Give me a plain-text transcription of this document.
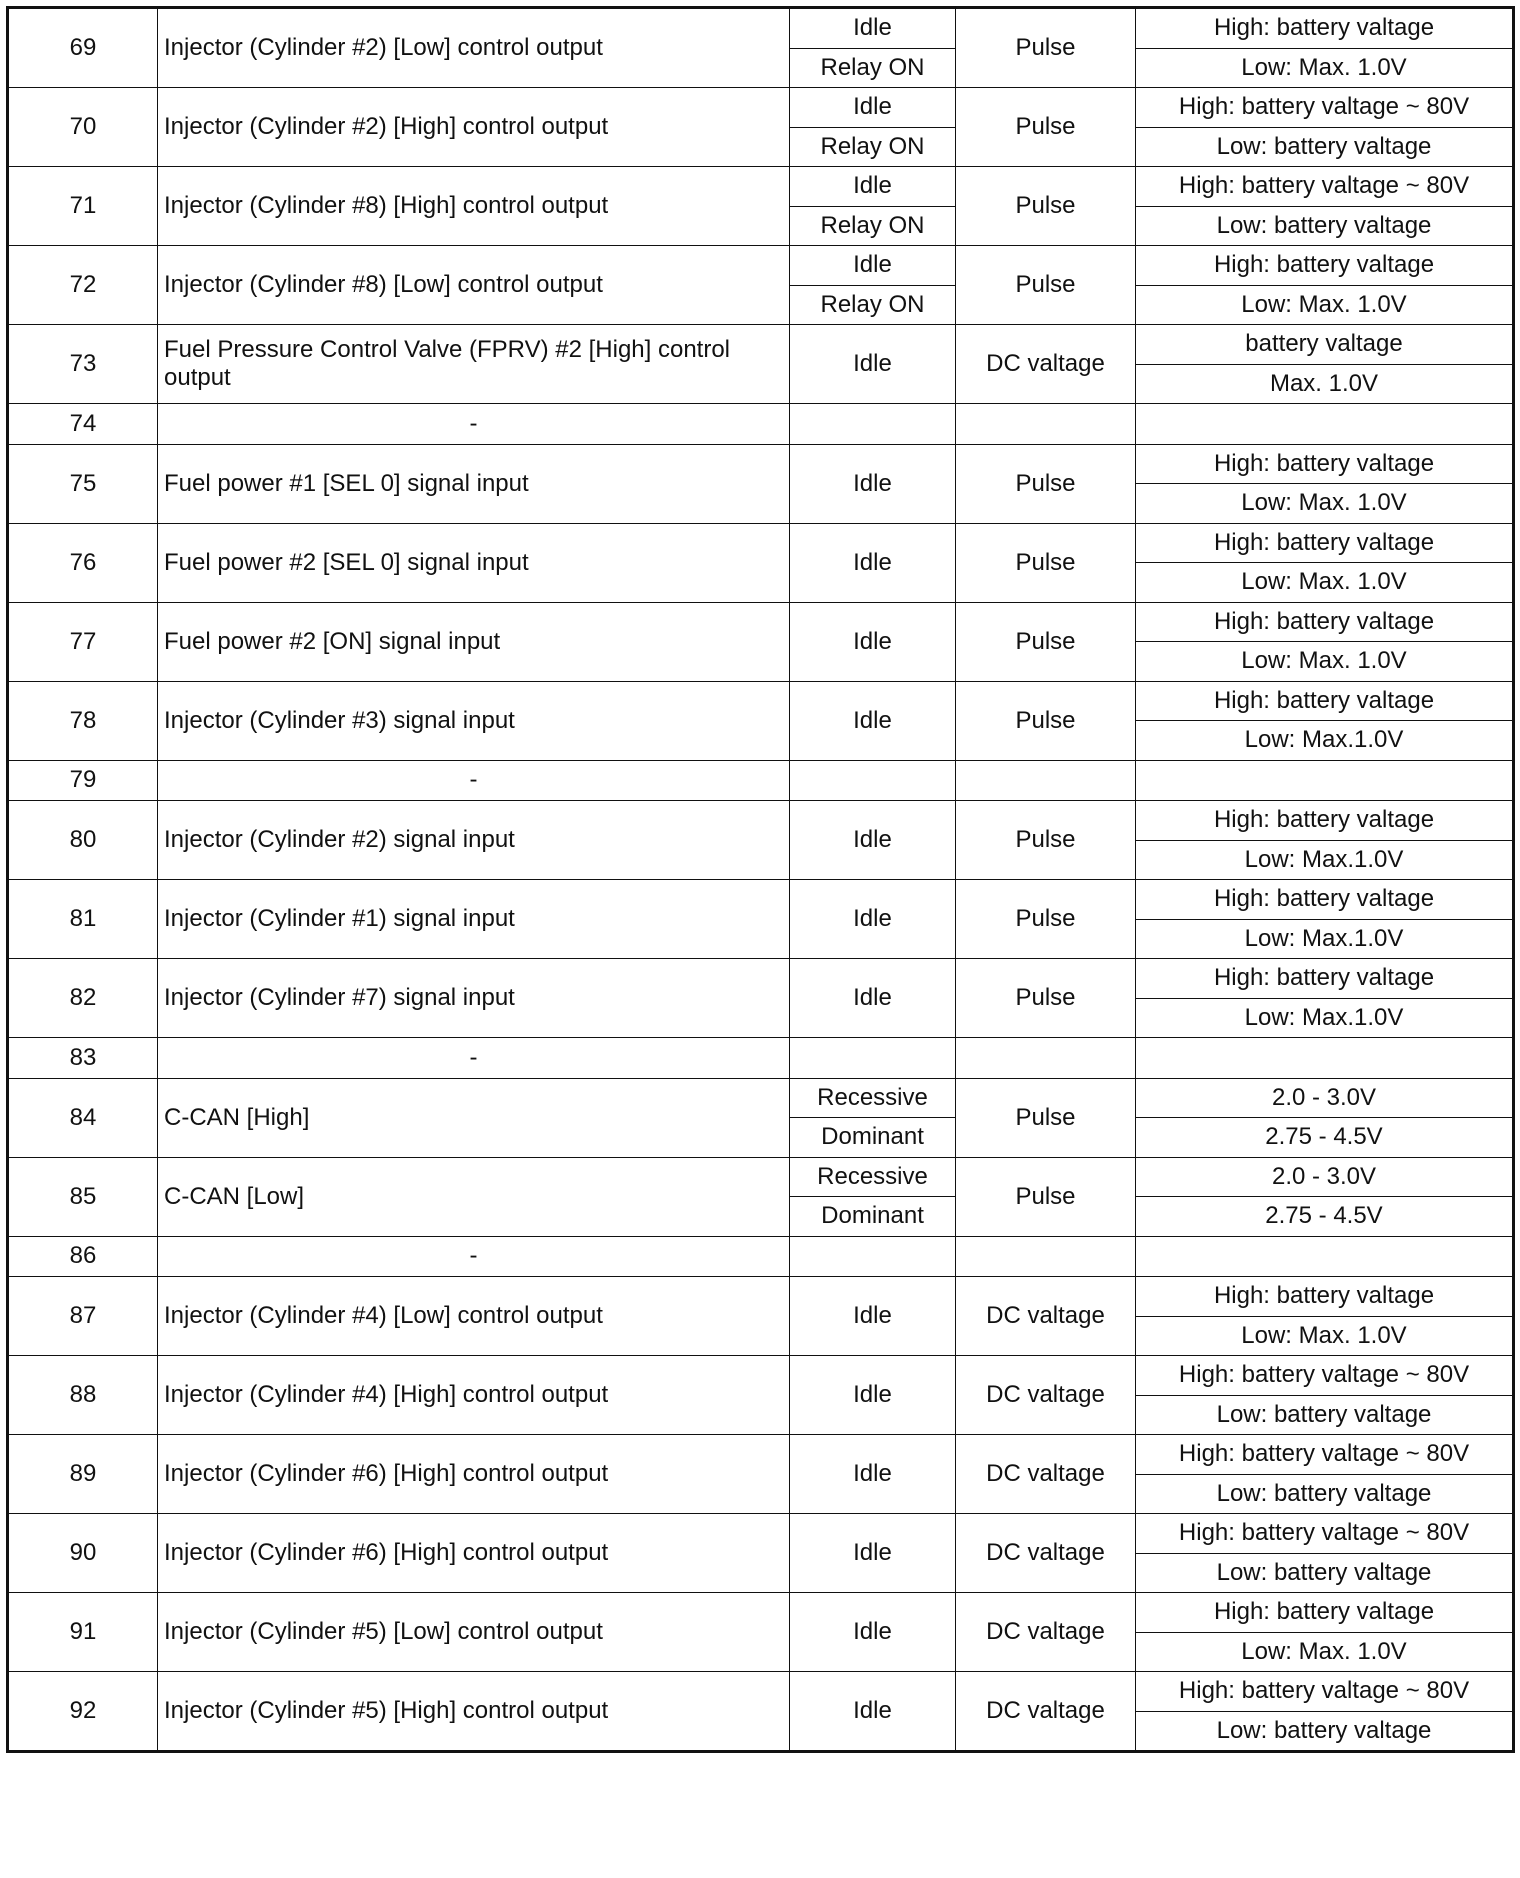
69	Injector (Cylinder #2) [Low] control output	Idle	Pulse	High: battery valtage
		Relay ON		Low: Max. 1.0V
70	Injector (Cylinder #2) [High] control output	Idle	Pulse	High: battery valtage ~ 80V
		Relay ON		Low: battery valtage
71	Injector (Cylinder #8) [High] control output	Idle	Pulse	High: battery valtage ~ 80V
		Relay ON		Low: battery valtage
72	Injector (Cylinder #8) [Low] control output	Idle	Pulse	High: battery valtage
		Relay ON		Low: Max. 1.0V
73	Fuel Pressure Control Valve (FPRV) #2 [High] control output	Idle	DC valtage	battery valtage
				Max. 1.0V
74	-			
75	Fuel power #1 [SEL 0] signal input	Idle	Pulse	High: battery valtage
				Low: Max. 1.0V
76	Fuel power #2 [SEL 0] signal input	Idle	Pulse	High: battery valtage
				Low: Max. 1.0V
77	Fuel power #2 [ON] signal input	Idle	Pulse	High: battery valtage
				Low: Max. 1.0V
78	Injector (Cylinder #3) signal input	Idle	Pulse	High: battery valtage
				Low: Max.1.0V
79	-			
80	Injector (Cylinder #2) signal input	Idle	Pulse	High: battery valtage
				Low: Max.1.0V
81	Injector (Cylinder #1) signal input	Idle	Pulse	High: battery valtage
				Low: Max.1.0V
82	Injector (Cylinder #7) signal input	Idle	Pulse	High: battery valtage
				Low: Max.1.0V
83	-			
84	C-CAN [High]	Recessive	Pulse	2.0 - 3.0V
		Dominant		2.75 - 4.5V
85	C-CAN [Low]	Recessive	Pulse	2.0 - 3.0V
		Dominant		2.75 - 4.5V
86	-			
87	Injector (Cylinder #4) [Low] control output	Idle	DC valtage	High: battery valtage
				Low: Max. 1.0V
88	Injector (Cylinder #4) [High] control output	Idle	DC valtage	High: battery valtage ~ 80V
				Low: battery valtage
89	Injector (Cylinder #6) [High] control output	Idle	DC valtage	High: battery valtage ~ 80V
				Low: battery valtage
90	Injector (Cylinder #6) [High] control output	Idle	DC valtage	High: battery valtage ~ 80V
				Low: battery valtage
91	Injector (Cylinder #5) [Low] control output	Idle	DC valtage	High: battery valtage
				Low: Max. 1.0V
92	Injector (Cylinder #5) [High] control output	Idle	DC valtage	High: battery valtage ~ 80V
				Low: battery valtage
